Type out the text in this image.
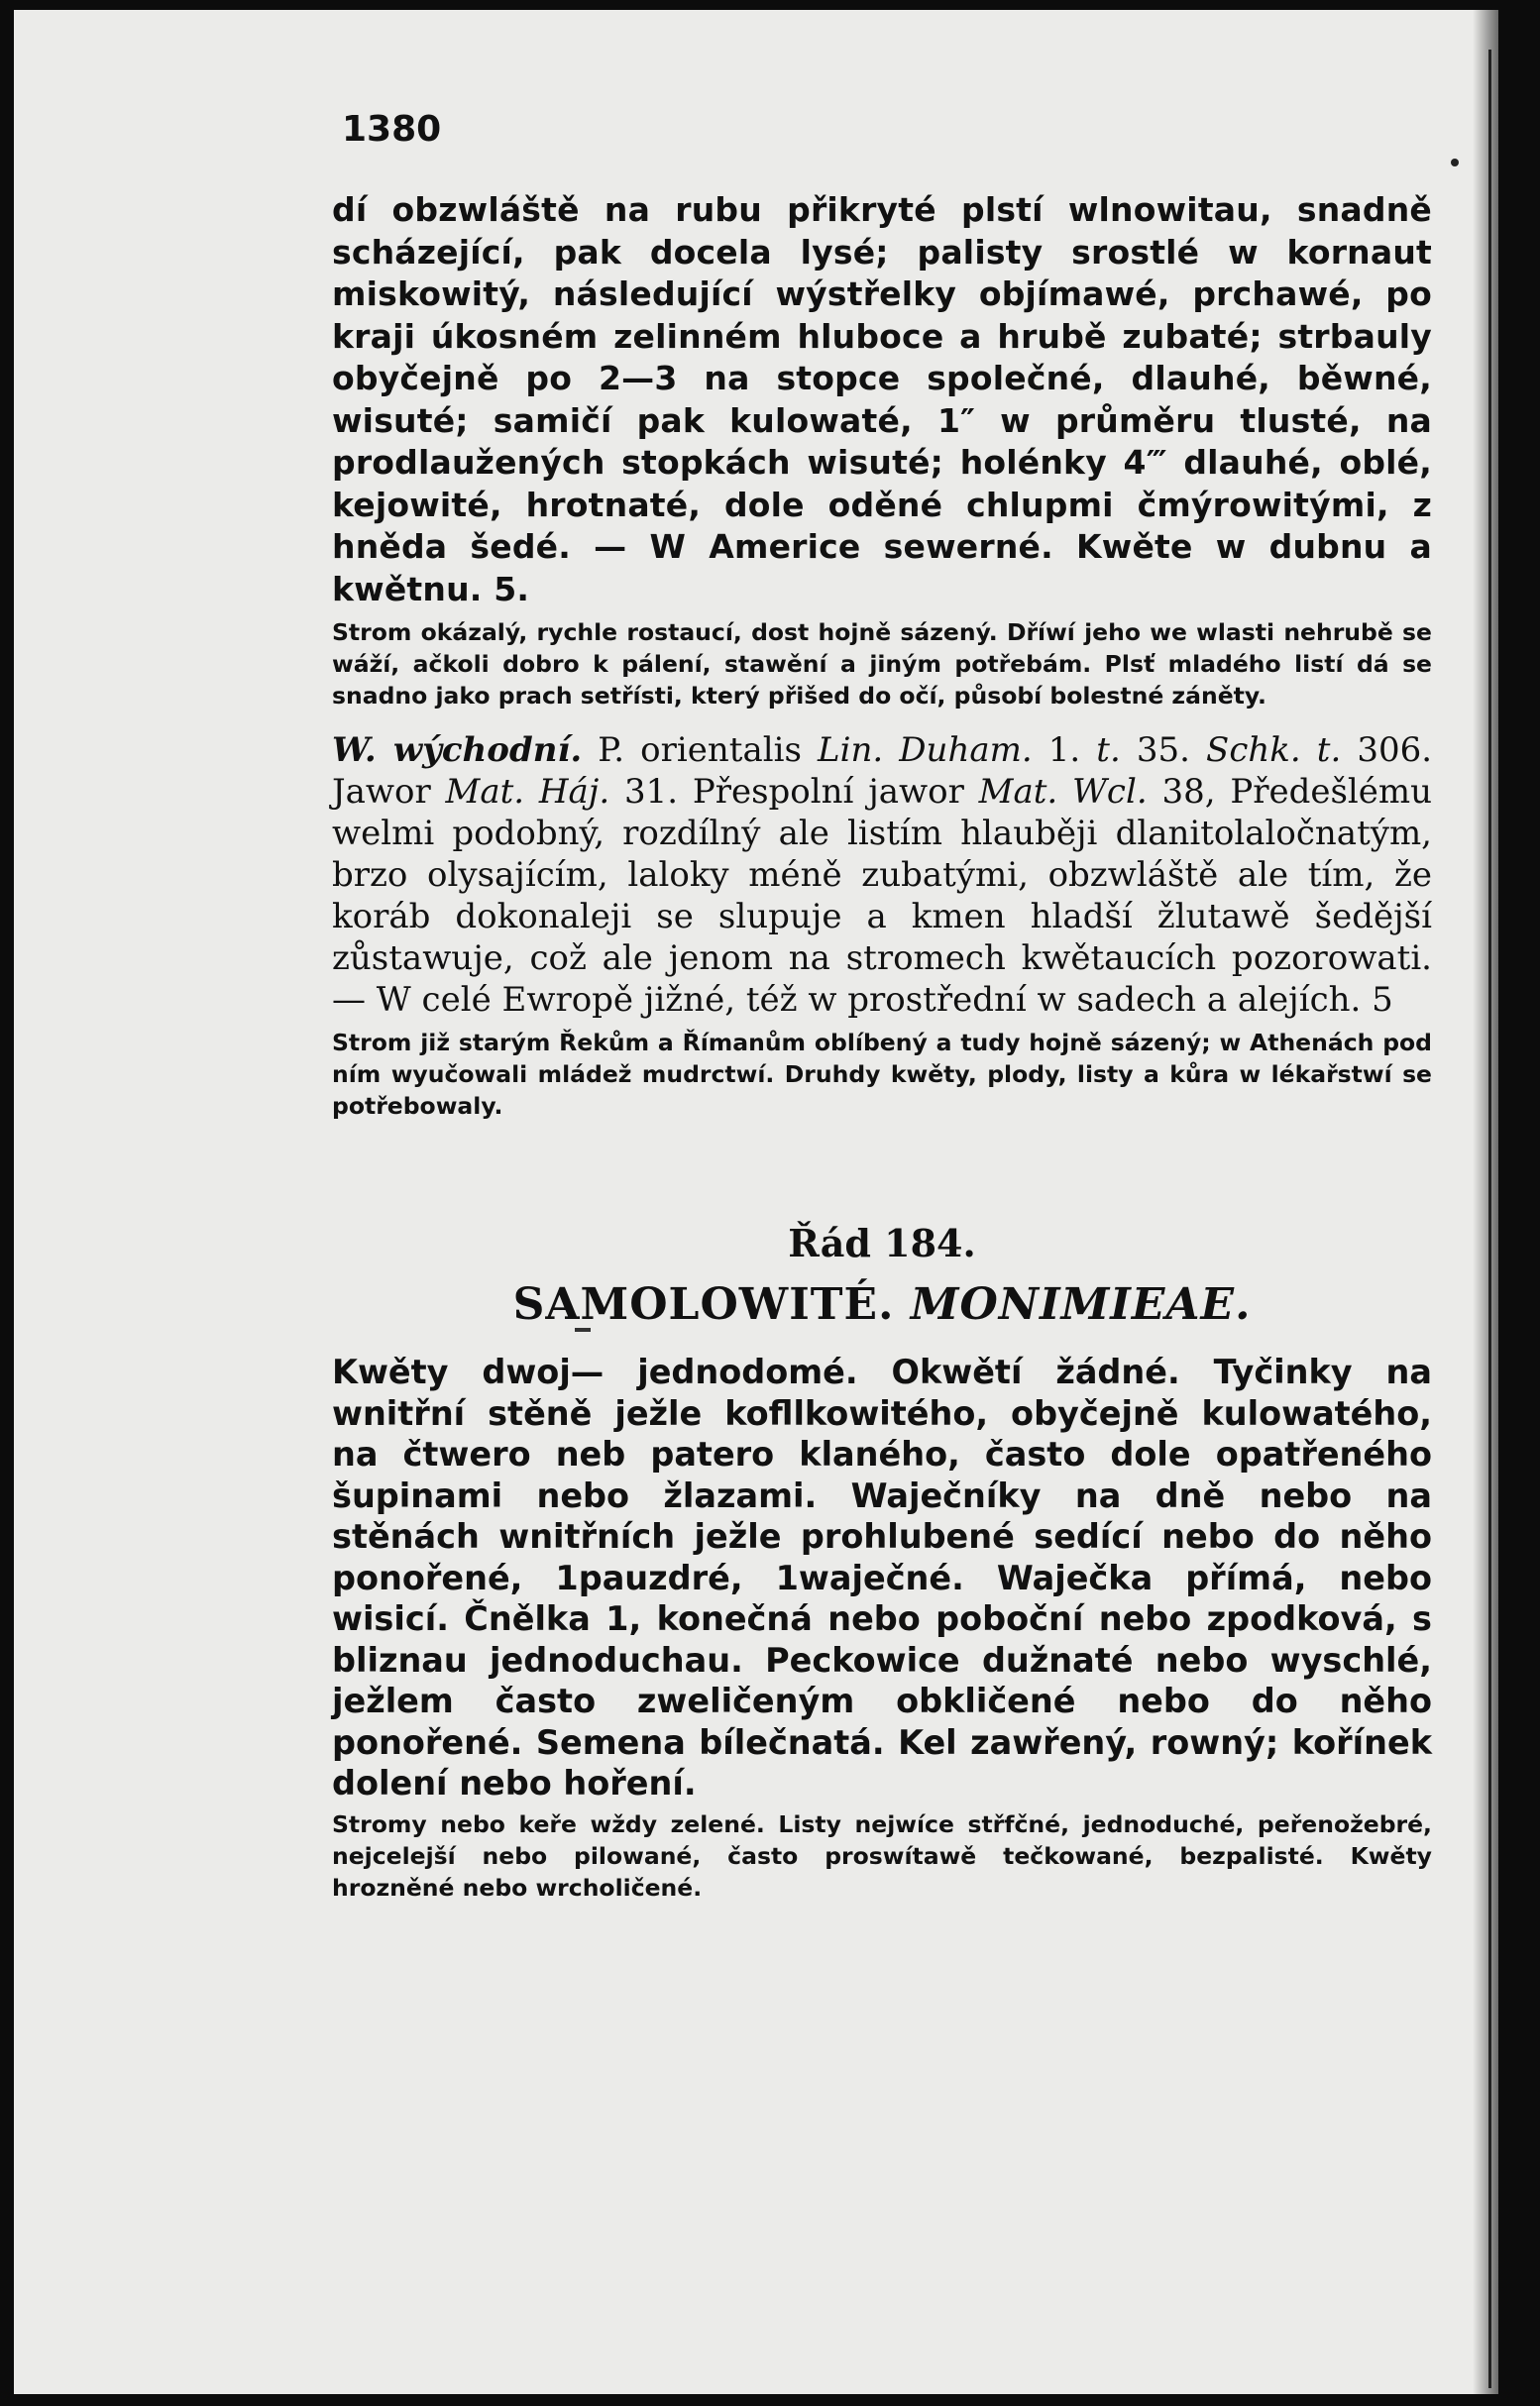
1380

dí obzwláště na rubu přikryté plstí wlnowitau, snadně scházející, pak docela lysé; palisty srostlé w kornaut miskowitý, následující wýstřelky objímawé, prchawé, po kraji úkosném zelinném hluboce a hrubě zubaté; strbauly obyčejně po 2—3 na stopce společné, dlauhé, běwné, wisuté; samičí pak kulowaté, 1″ w průměru tlusté, na prodlaužených stopkách wisuté; holénky 4‴ dlauhé, oblé, kejowité, hrotnaté, dole oděné chlupmi čmýrowitými, z hněda šedé. — W Americe sewerné. Kwěte w dubnu a kwětnu. 5.

Strom okázalý, rychle rostaucí, dost hojně sázený. Dříwí jeho we wlasti nehrubě se wáží, ačkoli dobro k pálení, stawění a jiným potřebám. Plsť mladého listí dá se snadno jako prach setřísti, který přišed do očí, působí bolestné záněty.

W. wýchodní. P. orientalis Lin. Duham. 1. t. 35. Schk. t. 306. Jawor Mat. Háj. 31. Přespolní jawor Mat. Wcl. 38, Předešlému welmi podobný, rozdílný ale listím hlauběji dlanitolaločnatým, brzo olysajícím, laloky méně zubatými, obzwláště ale tím, že koráb dokonaleji se slupuje a kmen hladší žlutawě šedější zůstawuje, což ale jenom na stromech kwětaucích pozorowati. — W celé Ewropě jižné, též w prostřední w sadech a alejích. 5

Strom již starým Řekům a Římanům oblíbený a tudy hojně sázený; w Athenách pod ním wyučowali mládež mudrctwí. Druhdy kwěty, plody, listy a kůra w lékařstwí se potřebowaly.

Řád 184.
SAMOLOWITÉ. MONIMIEAE.

Kwěty dwoj— jednodomé. Okwětí žádné. Tyčinky na wnitřní stěně ježle kofllkowitého, obyčejně kulowatého, na čtwero neb patero klaného, často dole opatřeného šupinami nebo žlazami. Waječníky na dně nebo na stěnách wnitřních ježle prohlubené sedící nebo do něho ponořené, 1pauzdré, 1waječné. Waječka přímá, nebo wisicí. Čnělka 1, konečná nebo poboční nebo zpodková, s bliznau jednoduchau. Peckowice dužnaté nebo wyschlé, ježlem často zweličeným obkličené nebo do něho ponořené. Semena bílečnatá. Kel zawřený, rowný; kořínek dolení nebo hoření.

Stromy nebo keře wždy zelené. Listy nejwíce střfčné, jednoduché, peřenožebré, nejcelejší nebo pilowané, často proswítawě tečkowané, bezpalisté. Kwěty hrozněné nebo wrcholičené.
